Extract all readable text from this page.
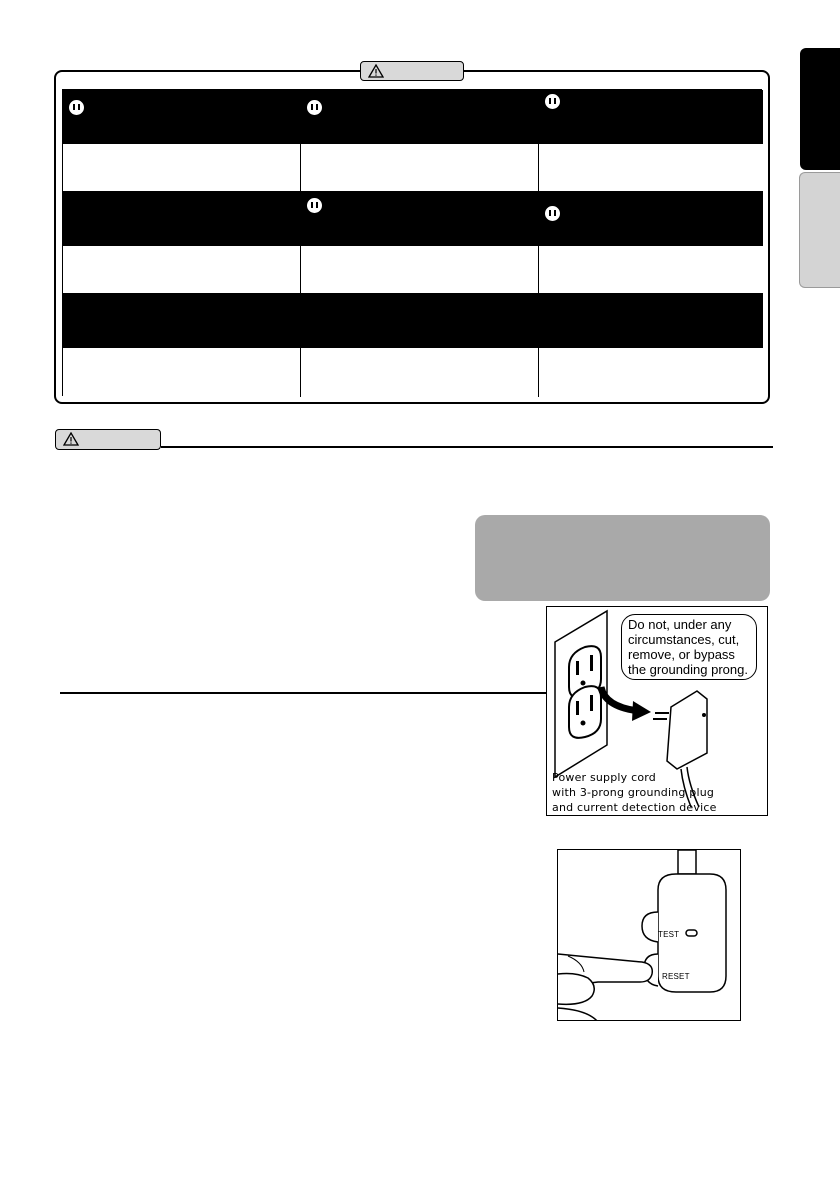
Do not, under any
circumstances, cut,
remove, or bypass
the grounding prong.
Power supply cord
with 3-prong grounding plug
and current detection device
TEST
RESET
